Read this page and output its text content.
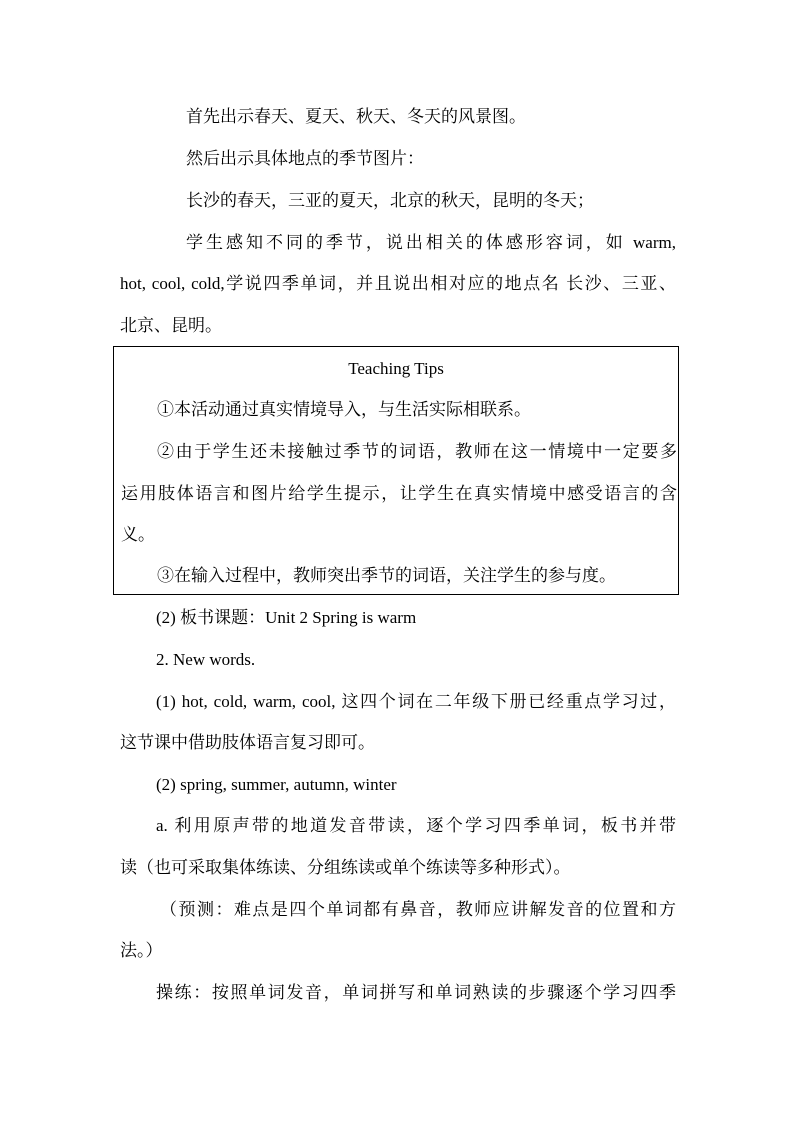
首先出示春天、夏天、秋天、冬天的风景图。
然后出示具体地点的季节图片：
长沙的春天，三亚的夏天，北京的秋天，昆明的冬天；
学生感知不同的季节，说出相关的体感形容词，如 warm,
hot, cool, cold,学说四季单词，并且说出相对应的地点名 长沙、三亚、
北京、昆明。
Teaching Tips
①本活动通过真实情境导入，与生活实际相联系。
②由于学生还未接触过季节的词语，教师在这一情境中一定要多
运用肢体语言和图片给学生提示，让学生在真实情境中感受语言的含
义。
③在输入过程中，教师突出季节的词语，关注学生的参与度。
(2) 板书课题：Unit 2 Spring is warm
2. New words.
(1) hot, cold, warm, cool, 这四个词在二年级下册已经重点学习过，
这节课中借助肢体语言复习即可。
(2) spring, summer, autumn, winter
a. 利用原声带的地道发音带读，逐个学习四季单词，板书并带
读（也可采取集体练读、分组练读或单个练读等多种形式）。
（预测：难点是四个单词都有鼻音，教师应讲解发音的位置和方
法。）
操练：按照单词发音，单词拼写和单词熟读的步骤逐个学习四季
